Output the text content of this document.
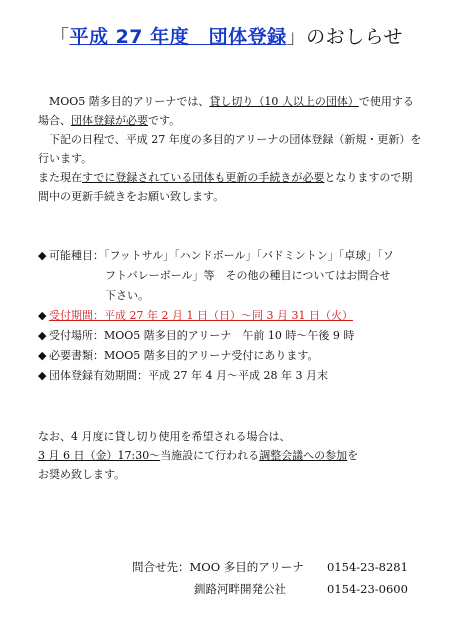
「平成 27 年度　団体登録」のおしらせ
　MOO5 階多目的アリーナでは、貸し切り（10 人以上の団体）で使用する場合、団体登録が必要です。
　下記の日程で、平成 27 年度の多目的アリーナの団体登録（新規・更新）を行います。
また現在すでに登録されている団体も更新の手続きが必要となりますので期間中の更新手続きをお願い致します。
◆ 可能種目：「フットサル」「ハンドボール」「バドミントン」「卓球」「ソ
フトバレーボール」等　その他の種目についてはお問合せ
下さい。
◆ 受付期間：平成 27 年 2 月 1 日（日）～同 3 月 31 日（火）
◆ 受付場所：MOO5 階多目的アリーナ　午前 10 時～午後 9 時
◆ 必要書類：MOO5 階多目的アリーナ受付にあります。
◆ 団体登録有効期間：平成 27 年 4 月～平成 28 年 3 月末
なお、4 月度に貸し切り使用を希望される場合は、
3 月 6 日（金）17:30～当施設にて行われる調整会議への参加を
お奨め致します。
問合せ先：MOO 多目的アリーナ	0154-23-8281
釧路河畔開発公社	0154-23-0600
